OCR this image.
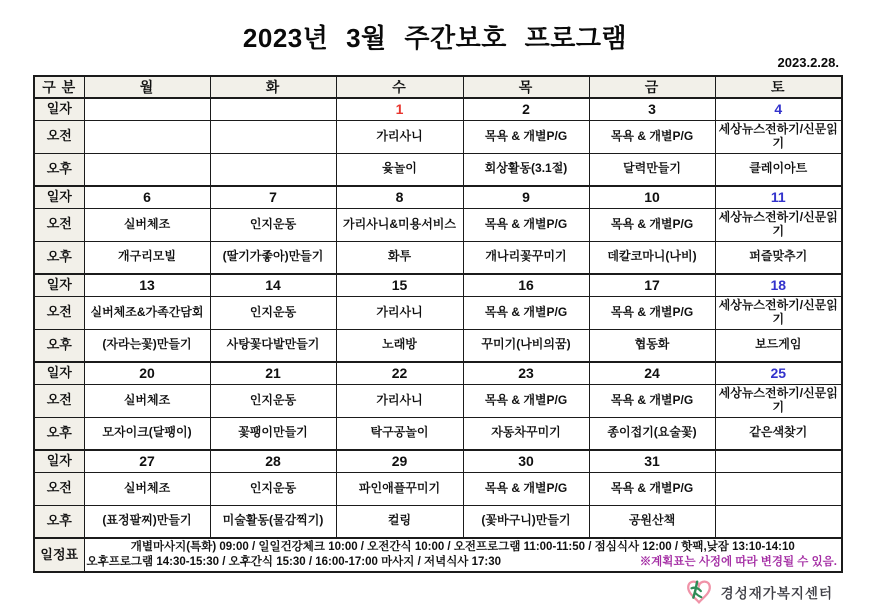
2023년 3월 주간보호 프로그램
2023.2.28.
구 분	월	화	수	목	금	토
일자			1	2	3	4
오전			가리사니	목욕 & 개별P/G	목욕 & 개별P/G	세상뉴스전하기/신문읽기
오후			윷놀이	회상활동(3.1절)	달력만들기	클레이아트
일자	6	7	8	9	10	11
오전	실버체조	인지운동	가리사니&미용서비스	목욕 & 개별P/G	목욕 & 개별P/G	세상뉴스전하기/신문읽기
오후	개구리모빌	(딸기가좋아)만들기	화투	개나리꽃꾸미기	데칼코마니(나비)	퍼즐맞추기
일자	13	14	15	16	17	18
오전	실버체조&가족간담회	인지운동	가리사니	목욕 & 개별P/G	목욕 & 개별P/G	세상뉴스전하기/신문읽기
오후	(자라는꽃)만들기	사탕꽃다발만들기	노래방	꾸미기(나비의꿈)	협동화	보드게임
일자	20	21	22	23	24	25
오전	실버체조	인지운동	가리사니	목욕 & 개별P/G	목욕 & 개별P/G	세상뉴스전하기/신문읽기
오후	모자이크(달팽이)	꽃팽이만들기	탁구공놀이	자동차꾸미기	종이접기(요술꽃)	같은색찾기
일자	27	28	29	30	31	
오전	실버체조	인지운동	파인애플꾸미기	목욕 & 개별P/G	목욕 & 개별P/G	
오후	(표정팔찌)만들기	미술활동(물감찍기)	컬링	(꽃바구니)만들기	공원산책	
일정표	개별마사지(특화) 09:00 / 일일건강체크 10:00 / 오전간식 10:00 / 오전프로그램 11:00-11:50 / 점심식사 12:00 / 핫팩,낮잠 13:10-14:10
오후프로그램 14:30-15:30 / 오후간식 15:30 / 16:00-17:00 마사지 / 저녁식사 17:30 ※계획표는 사정에 따라 변경될 수 있음.					
경성재가복지센터
